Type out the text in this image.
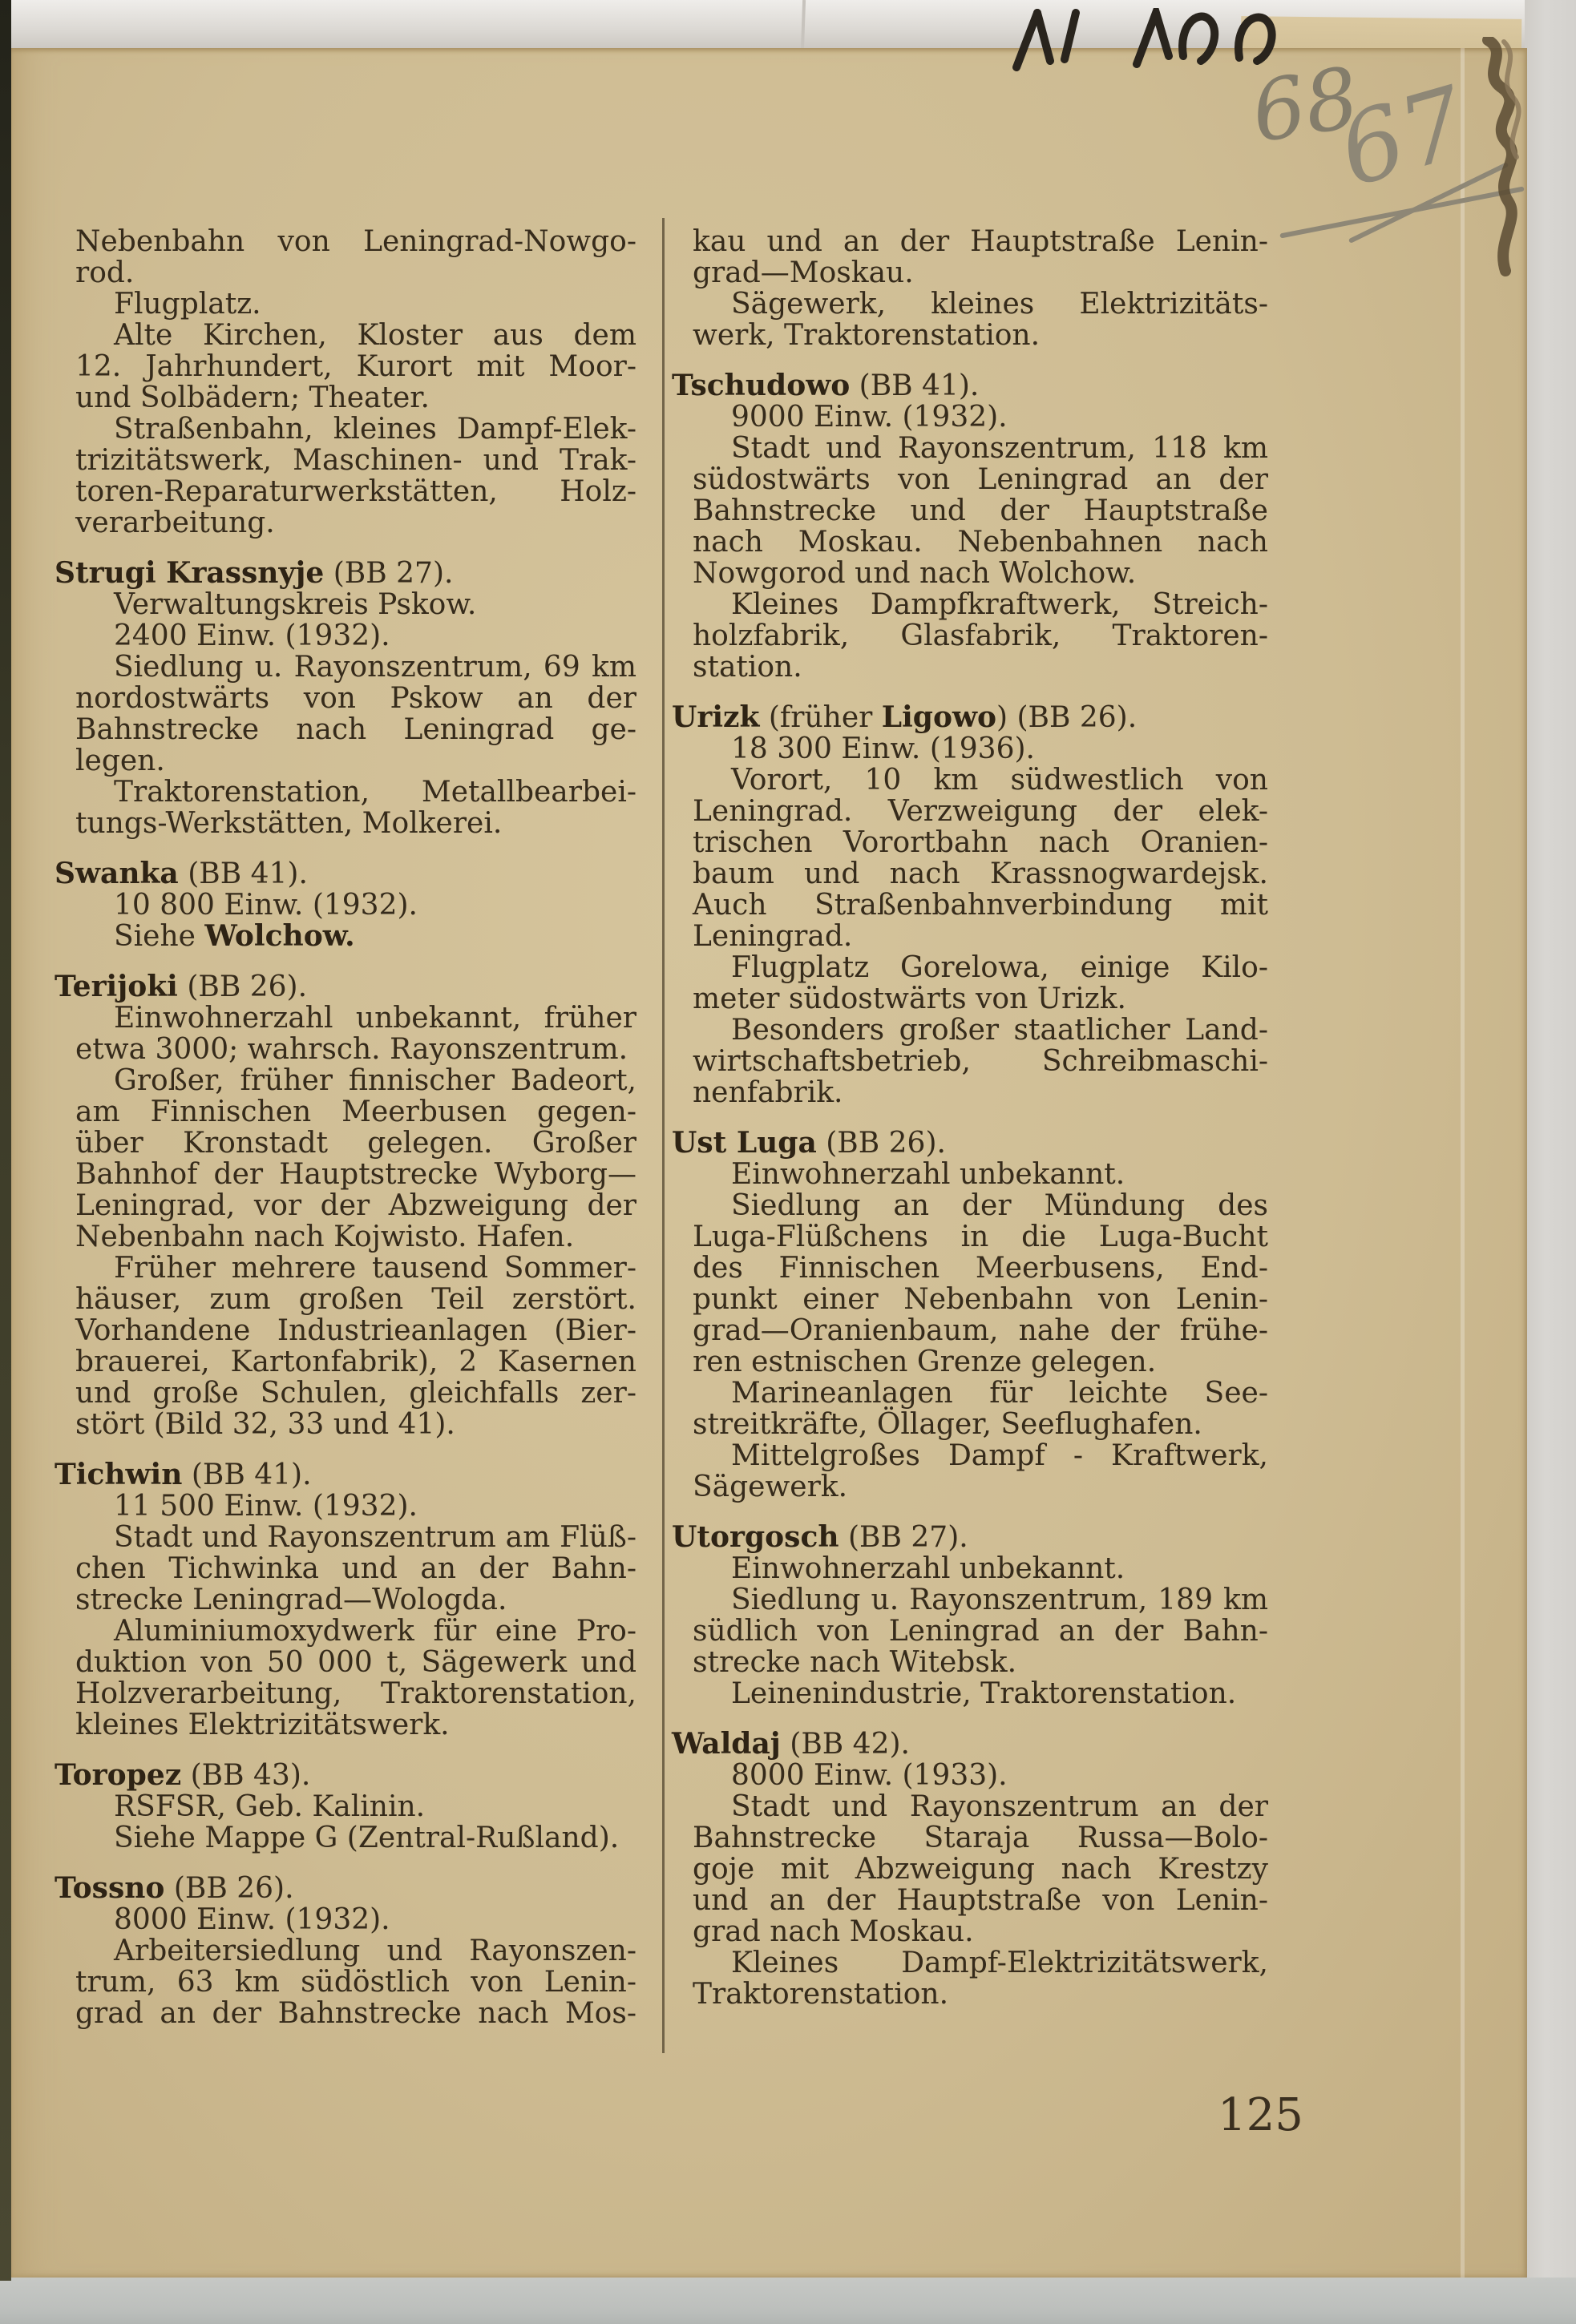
Nebenbahn von Leningrad-Nowgo-
rod.
Flugplatz.
Alte Kirchen, Kloster aus dem
12. Jahrhundert, Kurort mit Moor-
und Solbädern; Theater.
Straßenbahn, kleines Dampf-Elek-
trizitätswerk, Maschinen- und Trak-
toren-Reparaturwerkstätten, Holz-
verarbeitung.
Strugi Krassnyje (BB 27).
Verwaltungskreis Pskow.
2400 Einw. (1932).
Siedlung u. Rayonszentrum, 69 km
nordostwärts von Pskow an der
Bahnstrecke nach Leningrad ge-
legen.
Traktorenstation, Metallbearbei-
tungs-Werkstätten, Molkerei.
Swanka (BB 41).
10 800 Einw. (1932).
Siehe Wolchow.
Terijoki (BB 26).
Einwohnerzahl unbekannt, früher
etwa 3000; wahrsch. Rayonszentrum.
Großer, früher finnischer Badeort,
am Finnischen Meerbusen gegen-
über Kronstadt gelegen. Großer
Bahnhof der Hauptstrecke Wyborg—
Leningrad, vor der Abzweigung der
Nebenbahn nach Kojwisto. Hafen.
Früher mehrere tausend Sommer-
häuser, zum großen Teil zerstört.
Vorhandene Industrieanlagen (Bier-
brauerei, Kartonfabrik), 2 Kasernen
und große Schulen, gleichfalls zer-
stört (Bild 32, 33 und 41).
Tichwin (BB 41).
11 500 Einw. (1932).
Stadt und Rayonszentrum am Flüß-
chen Tichwinka und an der Bahn-
strecke Leningrad—Wologda.
Aluminiumoxydwerk für eine Pro-
duktion von 50 000 t, Sägewerk und
Holzverarbeitung, Traktorenstation,
kleines Elektrizitätswerk.
Toropez (BB 43).
RSFSR, Geb. Kalinin.
Siehe Mappe G (Zentral-Rußland).
Tossno (BB 26).
8000 Einw. (1932).
Arbeitersiedlung und Rayonszen-
trum, 63 km südöstlich von Lenin-
grad an der Bahnstrecke nach Mos-
kau und an der Hauptstraße Lenin-
grad—Moskau.
Sägewerk, kleines Elektrizitäts-
werk, Traktorenstation.
Tschudowo (BB 41).
9000 Einw. (1932).
Stadt und Rayonszentrum, 118 km
südostwärts von Leningrad an der
Bahnstrecke und der Hauptstraße
nach Moskau. Nebenbahnen nach
Nowgorod und nach Wolchow.
Kleines Dampfkraftwerk, Streich-
holzfabrik, Glasfabrik, Traktoren-
station.
Urizk (früher Ligowo) (BB 26).
18 300 Einw. (1936).
Vorort, 10 km südwestlich von
Leningrad. Verzweigung der elek-
trischen Vorortbahn nach Oranien-
baum und nach Krassnogwardejsk.
Auch Straßenbahnverbindung mit
Leningrad.
Flugplatz Gorelowa, einige Kilo-
meter südostwärts von Urizk.
Besonders großer staatlicher Land-
wirtschaftsbetrieb, Schreibmaschi-
nenfabrik.
Ust Luga (BB 26).
Einwohnerzahl unbekannt.
Siedlung an der Mündung des
Luga-Flüßchens in die Luga-Bucht
des Finnischen Meerbusens, End-
punkt einer Nebenbahn von Lenin-
grad—Oranienbaum, nahe der frühe-
ren estnischen Grenze gelegen.
Marineanlagen für leichte See-
streitkräfte, Öllager, Seeflughafen.
Mittelgroßes Dampf - Kraftwerk,
Sägewerk.
Utorgosch (BB 27).
Einwohnerzahl unbekannt.
Siedlung u. Rayonszentrum, 189 km
südlich von Leningrad an der Bahn-
strecke nach Witebsk.
Leinenindustrie, Traktorenstation.
Waldaj (BB 42).
8000 Einw. (1933).
Stadt und Rayonszentrum an der
Bahnstrecke Staraja Russa—Bolo-
goje mit Abzweigung nach Krestzy
und an der Hauptstraße von Lenin-
grad nach Moskau.
Kleines Dampf-Elektrizitätswerk,
Traktorenstation.
125
68
67
